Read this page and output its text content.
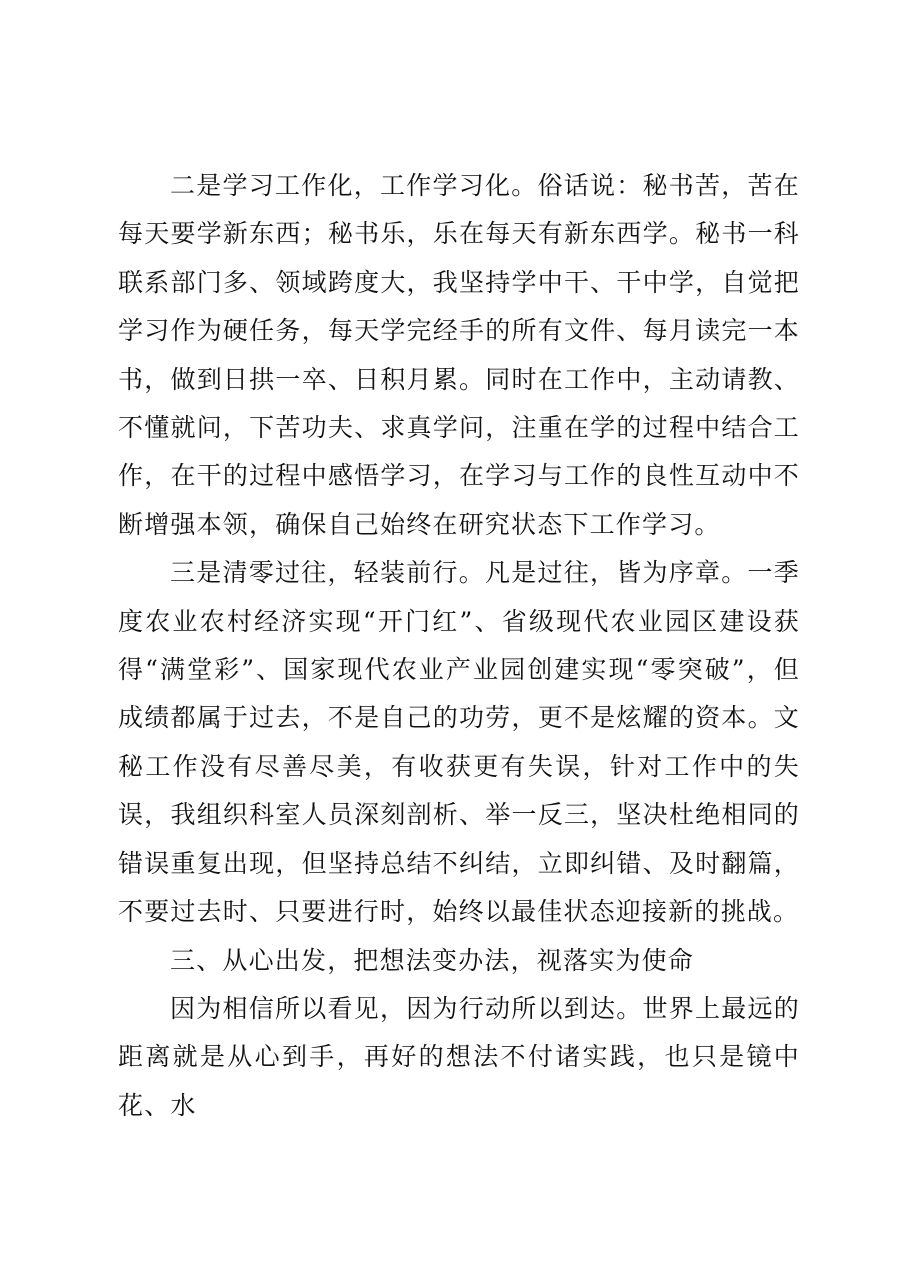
二是学习工作化，工作学习化。俗话说：秘书苦，苦在每天要学新东西；秘书乐，乐在每天有新东西学。秘书一科联系部门多、领域跨度大，我坚持学中干、干中学，自觉把学习作为硬任务，每天学完经手的所有文件、每月读完一本书，做到日拱一卒、日积月累。同时在工作中，主动请教、不懂就问，下苦功夫、求真学问，注重在学的过程中结合工作，在干的过程中感悟学习，在学习与工作的良性互动中不断增强本领，确保自己始终在研究状态下工作学习。

三是清零过往，轻装前行。凡是过往，皆为序章。一季度农业农村经济实现“开门红”、省级现代农业园区建设获得“满堂彩”、国家现代农业产业园创建实现“零突破”，但成绩都属于过去，不是自己的功劳，更不是炫耀的资本。文秘工作没有尽善尽美，有收获更有失误，针对工作中的失误，我组织科室人员深刻剖析、举一反三，坚决杜绝相同的错误重复出现，但坚持总结不纠结，立即纠错、及时翻篇，不要过去时、只要进行时，始终以最佳状态迎接新的挑战。

三、从心出发，把想法变办法，视落实为使命

因为相信所以看见，因为行动所以到达。世界上最远的距离就是从心到手，再好的想法不付诸实践，也只是镜中花、水
